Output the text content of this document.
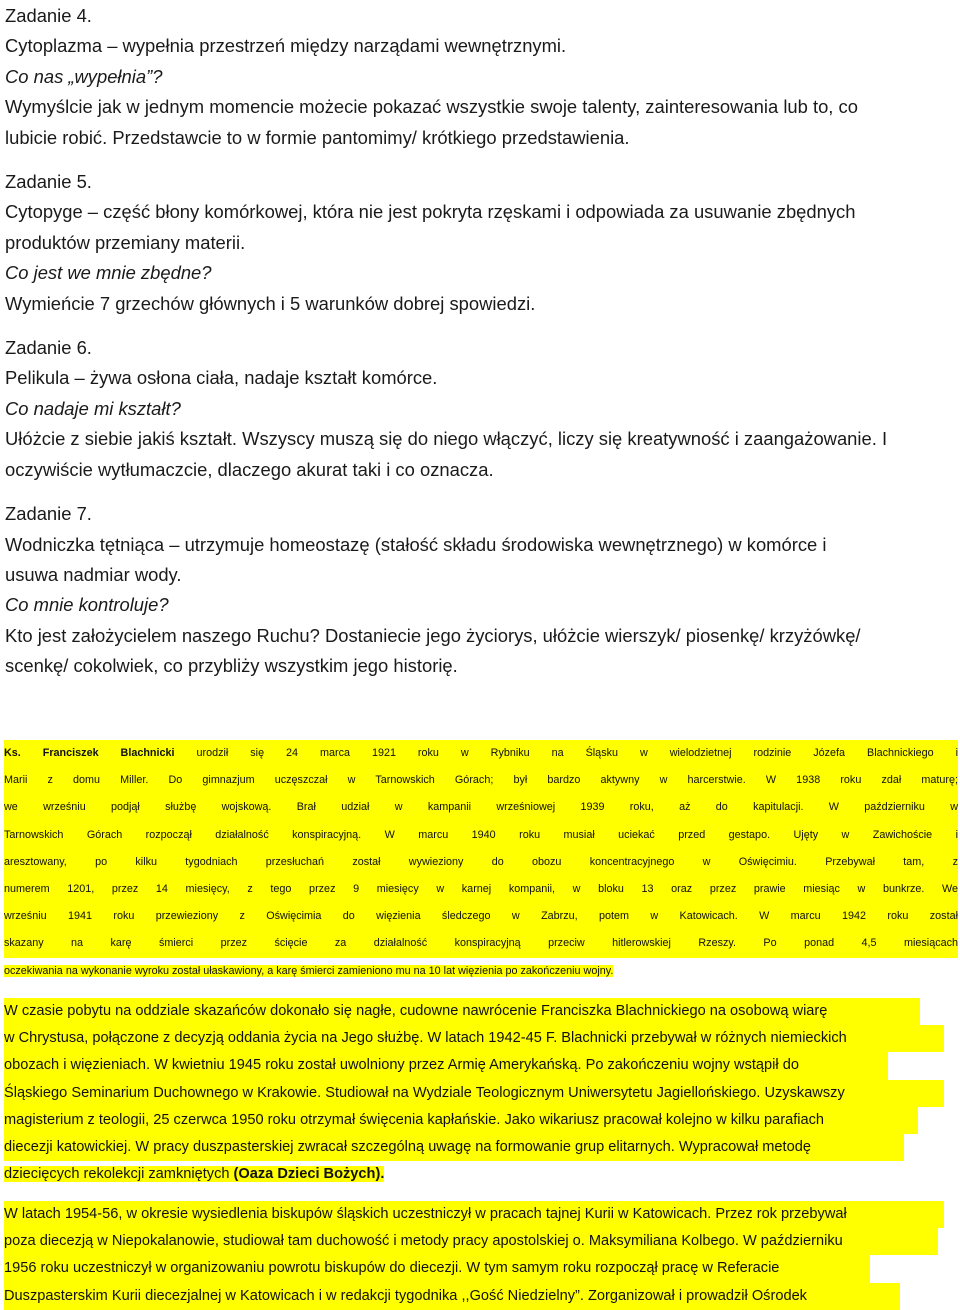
Zadanie 4.

Cytoplazma – wypełnia przestrzeń między narządami wewnętrznymi.

Co nas „wypełnia”?

Wymyślcie jak w jednym momencie możecie pokazać wszystkie swoje talenty, zainteresowania lub to, co

lubicie robić. Przedstawcie to w formie pantomimy/ krótkiego przedstawienia.

Zadanie 5.

Cytopyge – część błony komórkowej, która nie jest pokryta rzęskami i odpowiada za usuwanie zbędnych

produktów przemiany materii.

Co jest we mnie zbędne?

Wymieńcie 7 grzechów głównych i 5 warunków dobrej spowiedzi.

Zadanie 6.

Pelikula – żywa osłona ciała, nadaje kształt komórce.

Co nadaje mi kształt?

Ułóżcie z siebie jakiś kształt. Wszyscy muszą się do niego włączyć, liczy się kreatywność i zaangażowanie. I

oczywiście wytłumaczcie, dlaczego akurat taki i co oznacza.

Zadanie 7.

Wodniczka tętniąca – utrzymuje homeostazę (stałość składu środowiska wewnętrznego) w komórce i

usuwa nadmiar wody.

Co mnie kontroluje?

Kto jest założycielem naszego Ruchu? Dostaniecie jego życiorys, ułóżcie wierszyk/ piosenkę/ krzyżówkę/

scenkę/ cokolwiek, co przybliży wszystkim jego historię.

Ks. Franciszek Blachnicki urodził się 24 marca 1921 roku w Rybniku na Śląsku w wielodzietnej rodzinie Józefa Blachnickiego i
Marii z domu Miller. Do gimnazjum uczęszczał w Tarnowskich Górach; był bardzo aktywny w harcerstwie. W 1938 roku zdał maturę;
we wrześniu podjął służbę wojskową. Brał udział w kampanii wrześniowej 1939 roku, aż do kapitulacji. W październiku w
Tarnowskich Górach rozpoczął działalność konspiracyjną. W marcu 1940 roku musiał uciekać przed gestapo. Ujęty w Zawichoście i
aresztowany, po kilku tygodniach przesłuchań został wywieziony do obozu koncentracyjnego w Oświęcimiu. Przebywał tam, z
numerem 1201, przez 14 miesięcy, z tego przez 9 miesięcy w karnej kompanii, w bloku 13 oraz przez prawie miesiąc w bunkrze. We
wrześniu 1941 roku przewieziony z Oświęcimia do więzienia śledczego w Zabrzu, potem w Katowicach. W marcu 1942 roku został
skazany na karę śmierci przez ścięcie za działalność konspiracyjną przeciw hitlerowskiej Rzeszy. Po ponad 4,5 miesiącach
oczekiwania na wykonanie wyroku został ułaskawiony, a karę śmierci zamieniono mu na 10 lat więzienia po zakończeniu wojny.
W czasie pobytu na oddziale skazańców dokonało się nagłe, cudowne nawrócenie Franciszka Blachnickiego na osobową wiarę
w Chrystusa, połączone z decyzją oddania życia na Jego służbę. W latach 1942-45 F. Blachnicki przebywał w różnych niemieckich
obozach i więzieniach. W kwietniu 1945 roku został uwolniony przez Armię Amerykańską. Po zakończeniu wojny wstąpił do
Śląskiego Seminarium Duchownego w Krakowie. Studiował na Wydziale Teologicznym Uniwersytetu Jagiellońskiego. Uzyskawszy
magisterium z teologii, 25 czerwca 1950 roku otrzymał święcenia kapłańskie. Jako wikariusz pracował kolejno w kilku parafiach
diecezji katowickiej. W pracy duszpasterskiej zwracał szczególną uwagę na formowanie grup elitarnych. Wypracował metodę
dziecięcych rekolekcji zamkniętych (Oaza Dzieci Bożych).
W latach 1954-56, w okresie wysiedlenia biskupów śląskich uczestniczył w pracach tajnej Kurii w Katowicach. Przez rok przebywał
poza diecezją w Niepokalanowie, studiował tam duchowość i metody pracy apostolskiej o. Maksymiliana Kolbego. W październiku
1956 roku uczestniczył w organizowaniu powrotu biskupów do diecezji. W tym samym roku rozpoczął pracę w Referacie
Duszpasterskim Kurii diecezjalnej w Katowicach i w redakcji tygodnika ,,Gość Niedzielny”. Zorganizował i prowadził Ośrodek
